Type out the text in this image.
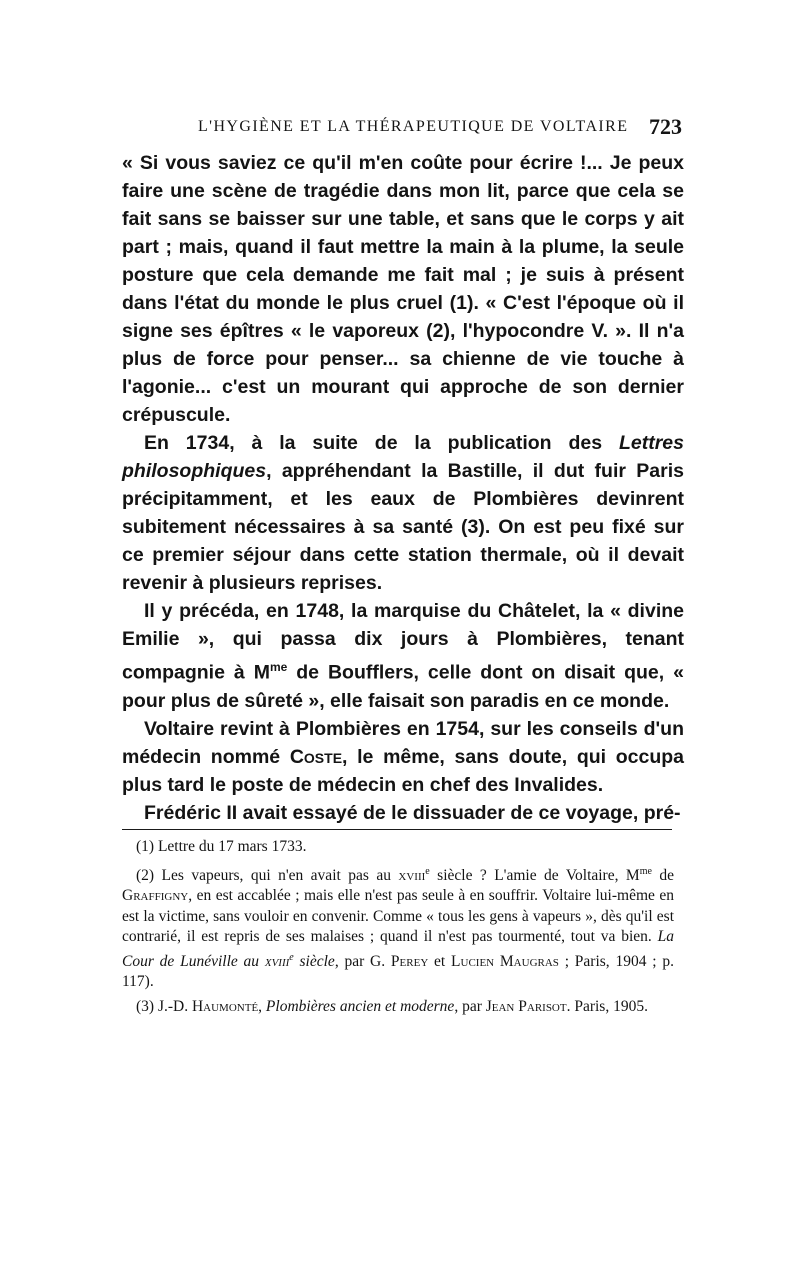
L'HYGIÈNE ET LA THÉRAPEUTIQUE DE VOLTAIRE 723

« Si vous saviez ce qu'il m'en coûte pour écrire !... Je peux faire une scène de tragédie dans mon lit, parce que cela se fait sans se baisser sur une table, et sans que le corps y ait part ; mais, quand il faut mettre la main à la plume, la seule posture que cela demande me fait mal ; je suis à présent dans l'état du monde le plus cruel (1). « C'est l'époque où il signe ses épîtres « le vaporeux (2), l'hypocondre V. ». Il n'a plus de force pour penser... sa chienne de vie touche à l'agonie... c'est un mourant qui approche de son dernier crépuscule.

En 1734, à la suite de la publication des Lettres philosophiques, appréhendant la Bastille, il dut fuir Paris précipitamment, et les eaux de Plombières devinrent subitement nécessaires à sa santé (3). On est peu fixé sur ce premier séjour dans cette station thermale, où il devait revenir à plusieurs reprises.

Il y précéda, en 1748, la marquise du Châtelet, la « divine Emilie », qui passa dix jours à Plombières, tenant compagnie à $M^{me}$ de Boufflers, celle dont on disait que, « pour plus de sûreté », elle faisait son paradis en ce monde.

Voltaire revint à Plombières en 1754, sur les conseils d'un médecin nommé Coste, le même, sans doute, qui occupa plus tard le poste de médecin en chef des Invalides.

Frédéric II avait essayé de le dissuader de ce voyage, pré-

(1) Lettre du 17 mars 1733.

(2) Les vapeurs, qui n'en avait pas au xviii$^e$ siècle ? L'amie de Voltaire, $M^{me}$ de Graffigny, en est accablée ; mais elle n'est pas seule à en souffrir. Voltaire lui-même en est la victime, sans vouloir en convenir. Comme « tous les gens à vapeurs », dès qu'il est contrarié, il est repris de ses malaises ; quand il n'est pas tourmenté, tout va bien. La Cour de Lunéville au xviii$^e$ siècle, par G. Perey et Lucien Maugras ; Paris, 1904 ; p. 117).

(3) J.-D. Haumonté, Plombières ancien et moderne, par Jean Parisot. Paris, 1905.
